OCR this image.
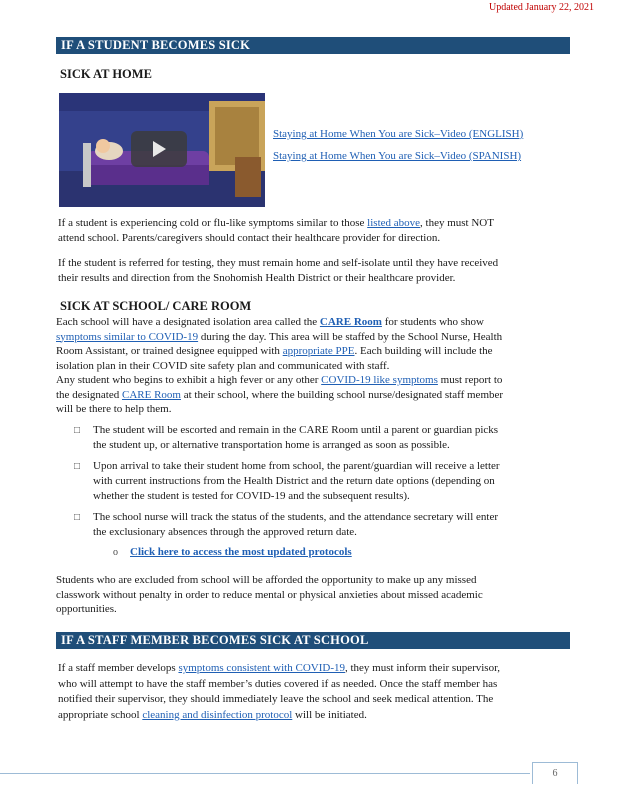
Updated January 22, 2021
IF A STUDENT BECOMES SICK
SICK AT HOME
Staying at Home When You are Sick–Video (ENGLISH)
Staying at Home When You are Sick–Video (SPANISH)
If a student is experiencing cold or flu-like symptoms similar to those listed above, they must NOT
attend school. Parents/caregivers should contact their healthcare provider for direction.
If the student is referred for testing, they must remain home and self-isolate until they have received
their results and direction from the Snohomish Health District or their healthcare provider.
SICK AT SCHOOL/ CARE ROOM
Each school will have a designated isolation area called the CARE Room for students who show
symptoms similar to COVID-19 during the day. This area will be staffed by the School Nurse, Health
Room Assistant, or trained designee equipped with appropriate PPE. Each building will include the
isolation plan in their COVID site safety plan and communicated with staff.
Any student who begins to exhibit a high fever or any other COVID-19 like symptoms must report to
the designated CARE Room at their school, where the building school nurse/designated staff member
will be there to help them.
□ The student will be escorted and remain in the CARE Room until a parent or guardian picks
the student up, or alternative transportation home is arranged as soon as possible.
□ Upon arrival to take their student home from school, the parent/guardian will receive a letter
with current instructions from the Health District and the return date options (depending on
whether the student is tested for COVID-19 and the subsequent results).
□ The school nurse will track the status of the students, and the attendance secretary will enter
the exclusionary absences through the approved return date.
o Click here to access the most updated protocols
Students who are excluded from school will be afforded the opportunity to make up any missed
classwork without penalty in order to reduce mental or physical anxieties about missed academic
opportunities.
IF A STAFF MEMBER BECOMES SICK AT SCHOOL
If a staff member develops symptoms consistent with COVID-19, they must inform their supervisor,
who will attempt to have the staff member’s duties covered if as needed. Once the staff member has
notified their supervisor, they should immediately leave the school and seek medical attention. The
appropriate school cleaning and disinfection protocol will be initiated.
6
